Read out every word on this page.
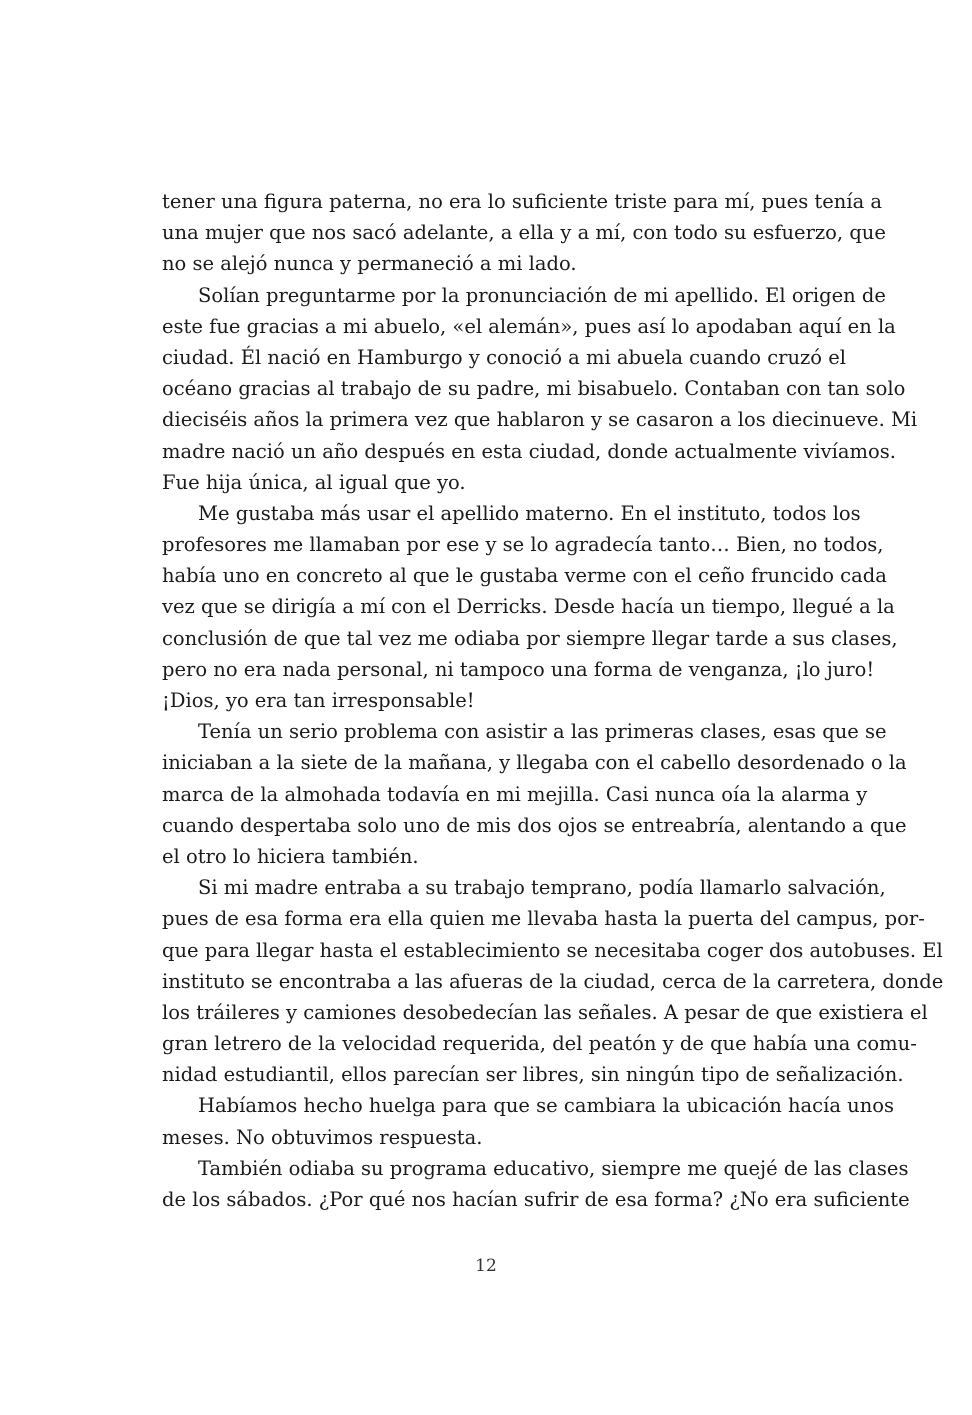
tener una figura paterna, no era lo suficiente triste para mí, pues tenía a
una mujer que nos sacó adelante, a ella y a mí, con todo su esfuerzo, que
no se alejó nunca y permaneció a mi lado.
Solían preguntarme por la pronunciación de mi apellido. El origen de
este fue gracias a mi abuelo, «el alemán», pues así lo apodaban aquí en la
ciudad. Él nació en Hamburgo y conoció a mi abuela cuando cruzó el
océano gracias al trabajo de su padre, mi bisabuelo. Contaban con tan solo
dieciséis años la primera vez que hablaron y se casaron a los diecinueve. Mi
madre nació un año después en esta ciudad, donde actualmente vivíamos.
Fue hija única, al igual que yo.
Me gustaba más usar el apellido materno. En el instituto, todos los
profesores me llamaban por ese y se lo agradecía tanto… Bien, no todos,
había uno en concreto al que le gustaba verme con el ceño fruncido cada
vez que se dirigía a mí con el Derricks. Desde hacía un tiempo, llegué a la
conclusión de que tal vez me odiaba por siempre llegar tarde a sus clases,
pero no era nada personal, ni tampoco una forma de venganza, ¡lo juro!
¡Dios, yo era tan irresponsable!
Tenía un serio problema con asistir a las primeras clases, esas que se
iniciaban a la siete de la mañana, y llegaba con el cabello desordenado o la
marca de la almohada todavía en mi mejilla. Casi nunca oía la alarma y
cuando despertaba solo uno de mis dos ojos se entreabría, alentando a que
el otro lo hiciera también.
Si mi madre entraba a su trabajo temprano, podía llamarlo salvación,
pues de esa forma era ella quien me llevaba hasta la puerta del campus, por-
que para llegar hasta el establecimiento se necesitaba coger dos autobuses. El
instituto se encontraba a las afueras de la ciudad, cerca de la carretera, donde
los tráileres y camiones desobedecían las señales. A pesar de que existiera el
gran letrero de la velocidad requerida, del peatón y de que había una comu-
nidad estudiantil, ellos parecían ser libres, sin ningún tipo de señalización.
Habíamos hecho huelga para que se cambiara la ubicación hacía unos
meses. No obtuvimos respuesta.
También odiaba su programa educativo, siempre me quejé de las clases
de los sábados. ¿Por qué nos hacían sufrir de esa forma? ¿No era suficiente
12
